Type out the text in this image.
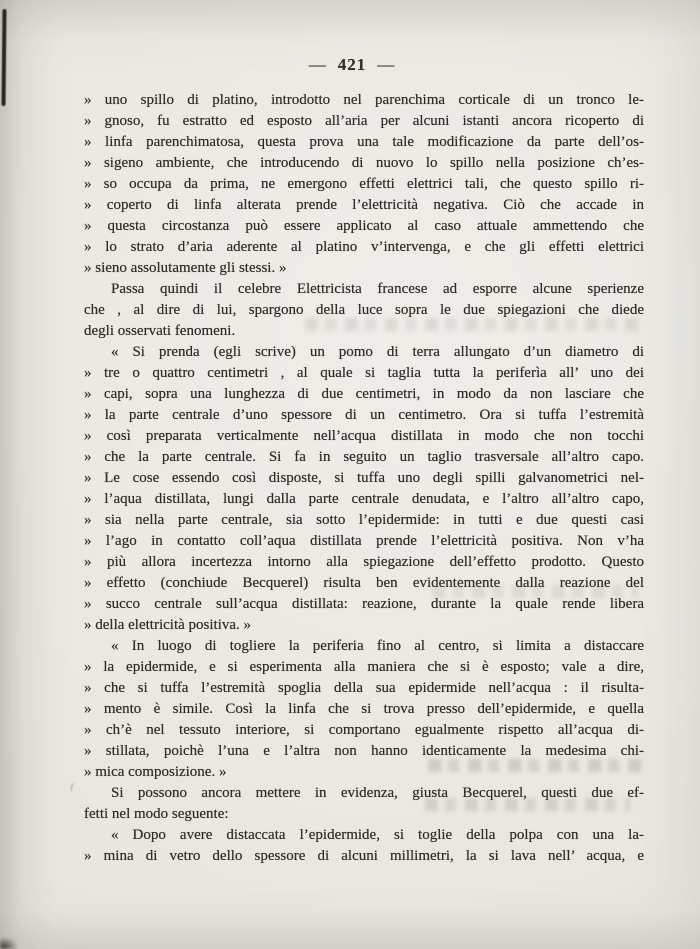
— 421 —
» uno spillo di platino, introdotto nel parenchima corticale di un tronco le-
» gnoso, fu estratto ed esposto all’aria per alcuni istanti ancora ricoperto di
» linfa parenchimatosa, questa prova una tale modificazione da parte dell’os-
» sigeno ambiente, che introducendo di nuovo lo spillo nella posizione ch’es-
» so occupa da prima, ne emergono effetti elettrici tali, che questo spillo ri-
» coperto di linfa alterata prende l’elettricità negativa. Ciò che accade in
» questa circostanza può essere applicato al caso attuale ammettendo che
» lo strato d’aria aderente al platino v’intervenga, e che gli effetti elettrici
» sieno assolutamente gli stessi. »
Passa quindi il celebre Elettricista francese ad esporre alcune sperienze
che , al dire di lui, spargono della luce sopra le due spiegazioni che diede
degli osservati fenomeni.
« Si prenda (egli scrive) un pomo di terra allungato d’un diametro di
» tre o quattro centimetri , al quale si taglia tutta la periferìa all’ uno dei
» capi, sopra una lunghezza di due centimetri, in modo da non lasciare che
» la parte centrale d’uno spessore di un centimetro. Ora si tuffa l’estremità
» così preparata verticalmente nell’acqua distillata in modo che non tocchi
» che la parte centrale. Si fa in seguito un taglio trasversale all’altro capo.
» Le cose essendo così disposte, si tuffa uno degli spilli galvanometrici nel-
» l’aqua distillata, lungi dalla parte centrale denudata, e l’altro all’altro capo,
» sia nella parte centrale, sia sotto l’epidermide: in tutti e due questi casi
» l’ago in contatto coll’aqua distillata prende l’elettricità positiva. Non v’ha
» più allora incertezza intorno alla spiegazione dell’effetto prodotto. Questo
» effetto (conchiude Becquerel) risulta ben evidentemente dalla reazione del
» succo centrale sull’acqua distillata: reazione, durante la quale rende libera
» della elettricità positiva. »
« In luogo di togliere la periferia fino al centro, si limita a distaccare
» la epidermide, e si esperimenta alla maniera che si è esposto; vale a dire,
» che si tuffa l’estremità spoglia della sua epidermide nell’acqua : il risulta-
» mento è simile. Così la linfa che si trova presso dell’epidermide, e quella
» ch’è nel tessuto interiore, si comportano egualmente rispetto all’acqua di-
» stillata, poichè l’una e l’altra non hanno identicamente la medesima chi-
» mica composizione. »
Si possono ancora mettere in evidenza, giusta Becquerel, questi due ef-
fetti nel modo seguente:
« Dopo avere distaccata l’epidermide, si toglie della polpa con una la-
» mina di vetro dello spessore di alcuni millimetri, la si lava nell’ acqua, e
